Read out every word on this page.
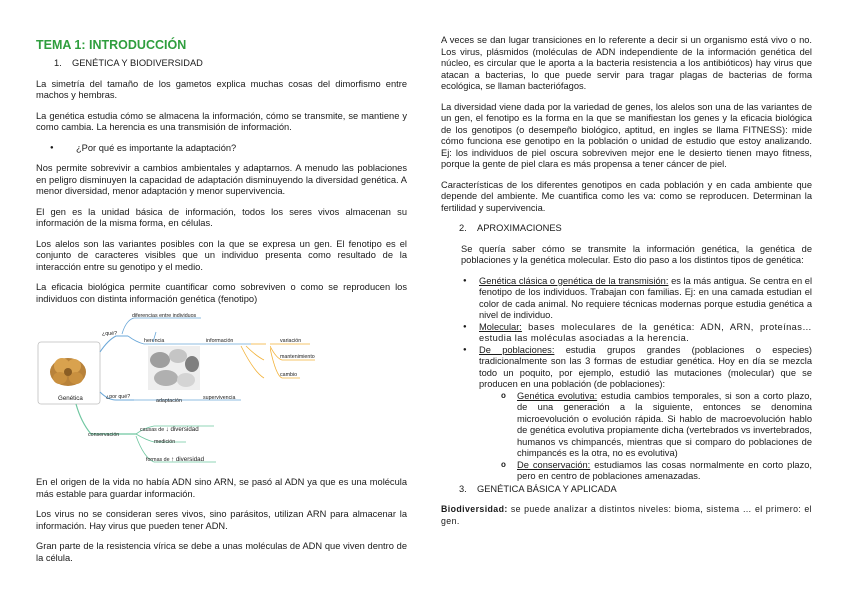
TEMA 1: INTRODUCCIÓN
1. GENÉTICA Y BIODIVERSIDAD

La simetría del tamaño de los gametos explica muchas cosas del dimorfismo entre machos y hembras.

La genética estudia cómo se almacena la información, cómo se transmite, se mantiene y como cambia. La herencia es una transmisión de información.

● ¿Por qué es importante la adaptación?

Nos permite sobrevivir a cambios ambientales y adaptarnos. A menudo las poblaciones en peligro disminuyen la capacidad de adaptación disminuyendo la diversidad genética. A menor diversidad, menor adaptación y menor supervivencia.

El gen es la unidad básica de información, todos los seres vivos almacenan su información de la misma forma, en células.

Los alelos son las variantes posibles con la que se expresa un gen. El fenotipo es el conjunto de caracteres visibles que un individuo presenta como resultado de la interacción entre su genotipo y el medio.

La eficacia biológica permite cuantificar como sobreviven o como se reproducen los individuos con distinta información genética (fenotipo)

Genética
¿qué?
diferencias entre individuos
herencia	información
¿por qué?
adaptación	supervivencia
conservación
causas de ↓ diversidad
medición
formas de ↑ diversidad
variación
mantenimiento
cambio

En el origen de la vida no había ADN sino ARN, se pasó al ADN ya que es una molécula más estable para guardar información.

Los virus no se consideran seres vivos, sino parásitos, utilizan ARN para almacenar la información. Hay virus que pueden tener ADN.

Gran parte de la resistencia vírica se debe a unas moléculas de ADN que viven dentro de la célula.

A veces se dan lugar transiciones en lo referente a decir si un organismo está vivo o no. Los virus, plásmidos (moléculas de ADN independiente de la información genética del núcleo, es circular que le aporta a la bacteria resistencia a los antibióticos) hay virus que atacan a bacterias, lo que puede servir para tragar plagas de bacterias de forma ecológica, se llaman bacteriófagos.

La diversidad viene dada por la variedad de genes, los alelos son una de las variantes de un gen, el fenotipo es la forma en la que se manifiestan los genes y la eficacia biológica de los genotipos (o desempeño biológico, aptitud, en ingles se llama FITNESS): mide cómo funciona ese genotipo en la población o unidad de estudio que estoy analizando. Ej: los individuos de piel oscura sobreviven mejor ene le desierto tienen mayo fitness, porque la gente de piel clara es más propensa a tener cáncer de piel.

Características de los diferentes genotipos en cada población y en cada ambiente que depende del ambiente. Me cuantifica como les va: como se reproducen. Determinan la fertilidad y supervivencia.

2. APROXIMACIONES

Se quería saber cómo se transmite la información genética, la genética de poblaciones y la genética molecular. Esto dio paso a los distintos tipos de genética:

● Genética clásica o genética de la transmisión: es la más antigua. Se centra en el fenotipo de los individuos. Trabajan con familias. Ej: en una camada estudian el color de cada animal. No requiere técnicas modernas porque estudia genética a nivel de individuo.
● Molecular: bases moleculares de la genética: ADN, ARN, proteínas… estudia las moléculas asociadas a la herencia.
● De poblaciones: estudia grupos grandes (poblaciones o especies) tradicionalmente son las 3 formas de estudiar genética. Hoy en día se mezcla todo un poquito, por ejemplo, estudió las mutaciones (molecular) que se producen en una población (de poblaciones):
o Genética evolutiva: estudia cambios temporales, si son a corto plazo, de una generación a la siguiente, entonces se denomina microevolución o evolución rápida. Si hablo de macroevolución hablo de genética evolutiva propiamente dicha (vertebrados vs invertebrados, humanos vs chimpancés, mientras que si comparo do poblaciones de chimpancés es la otra, no es evolutiva)
o De conservación: estudiamos las cosas normalmente en corto plazo, pero en centro de poblaciones amenazadas.
3. GENÉTICA BÁSICA Y APLICADA

Biodiversidad: se puede analizar a distintos niveles: bioma, sistema … el primero: el gen.
